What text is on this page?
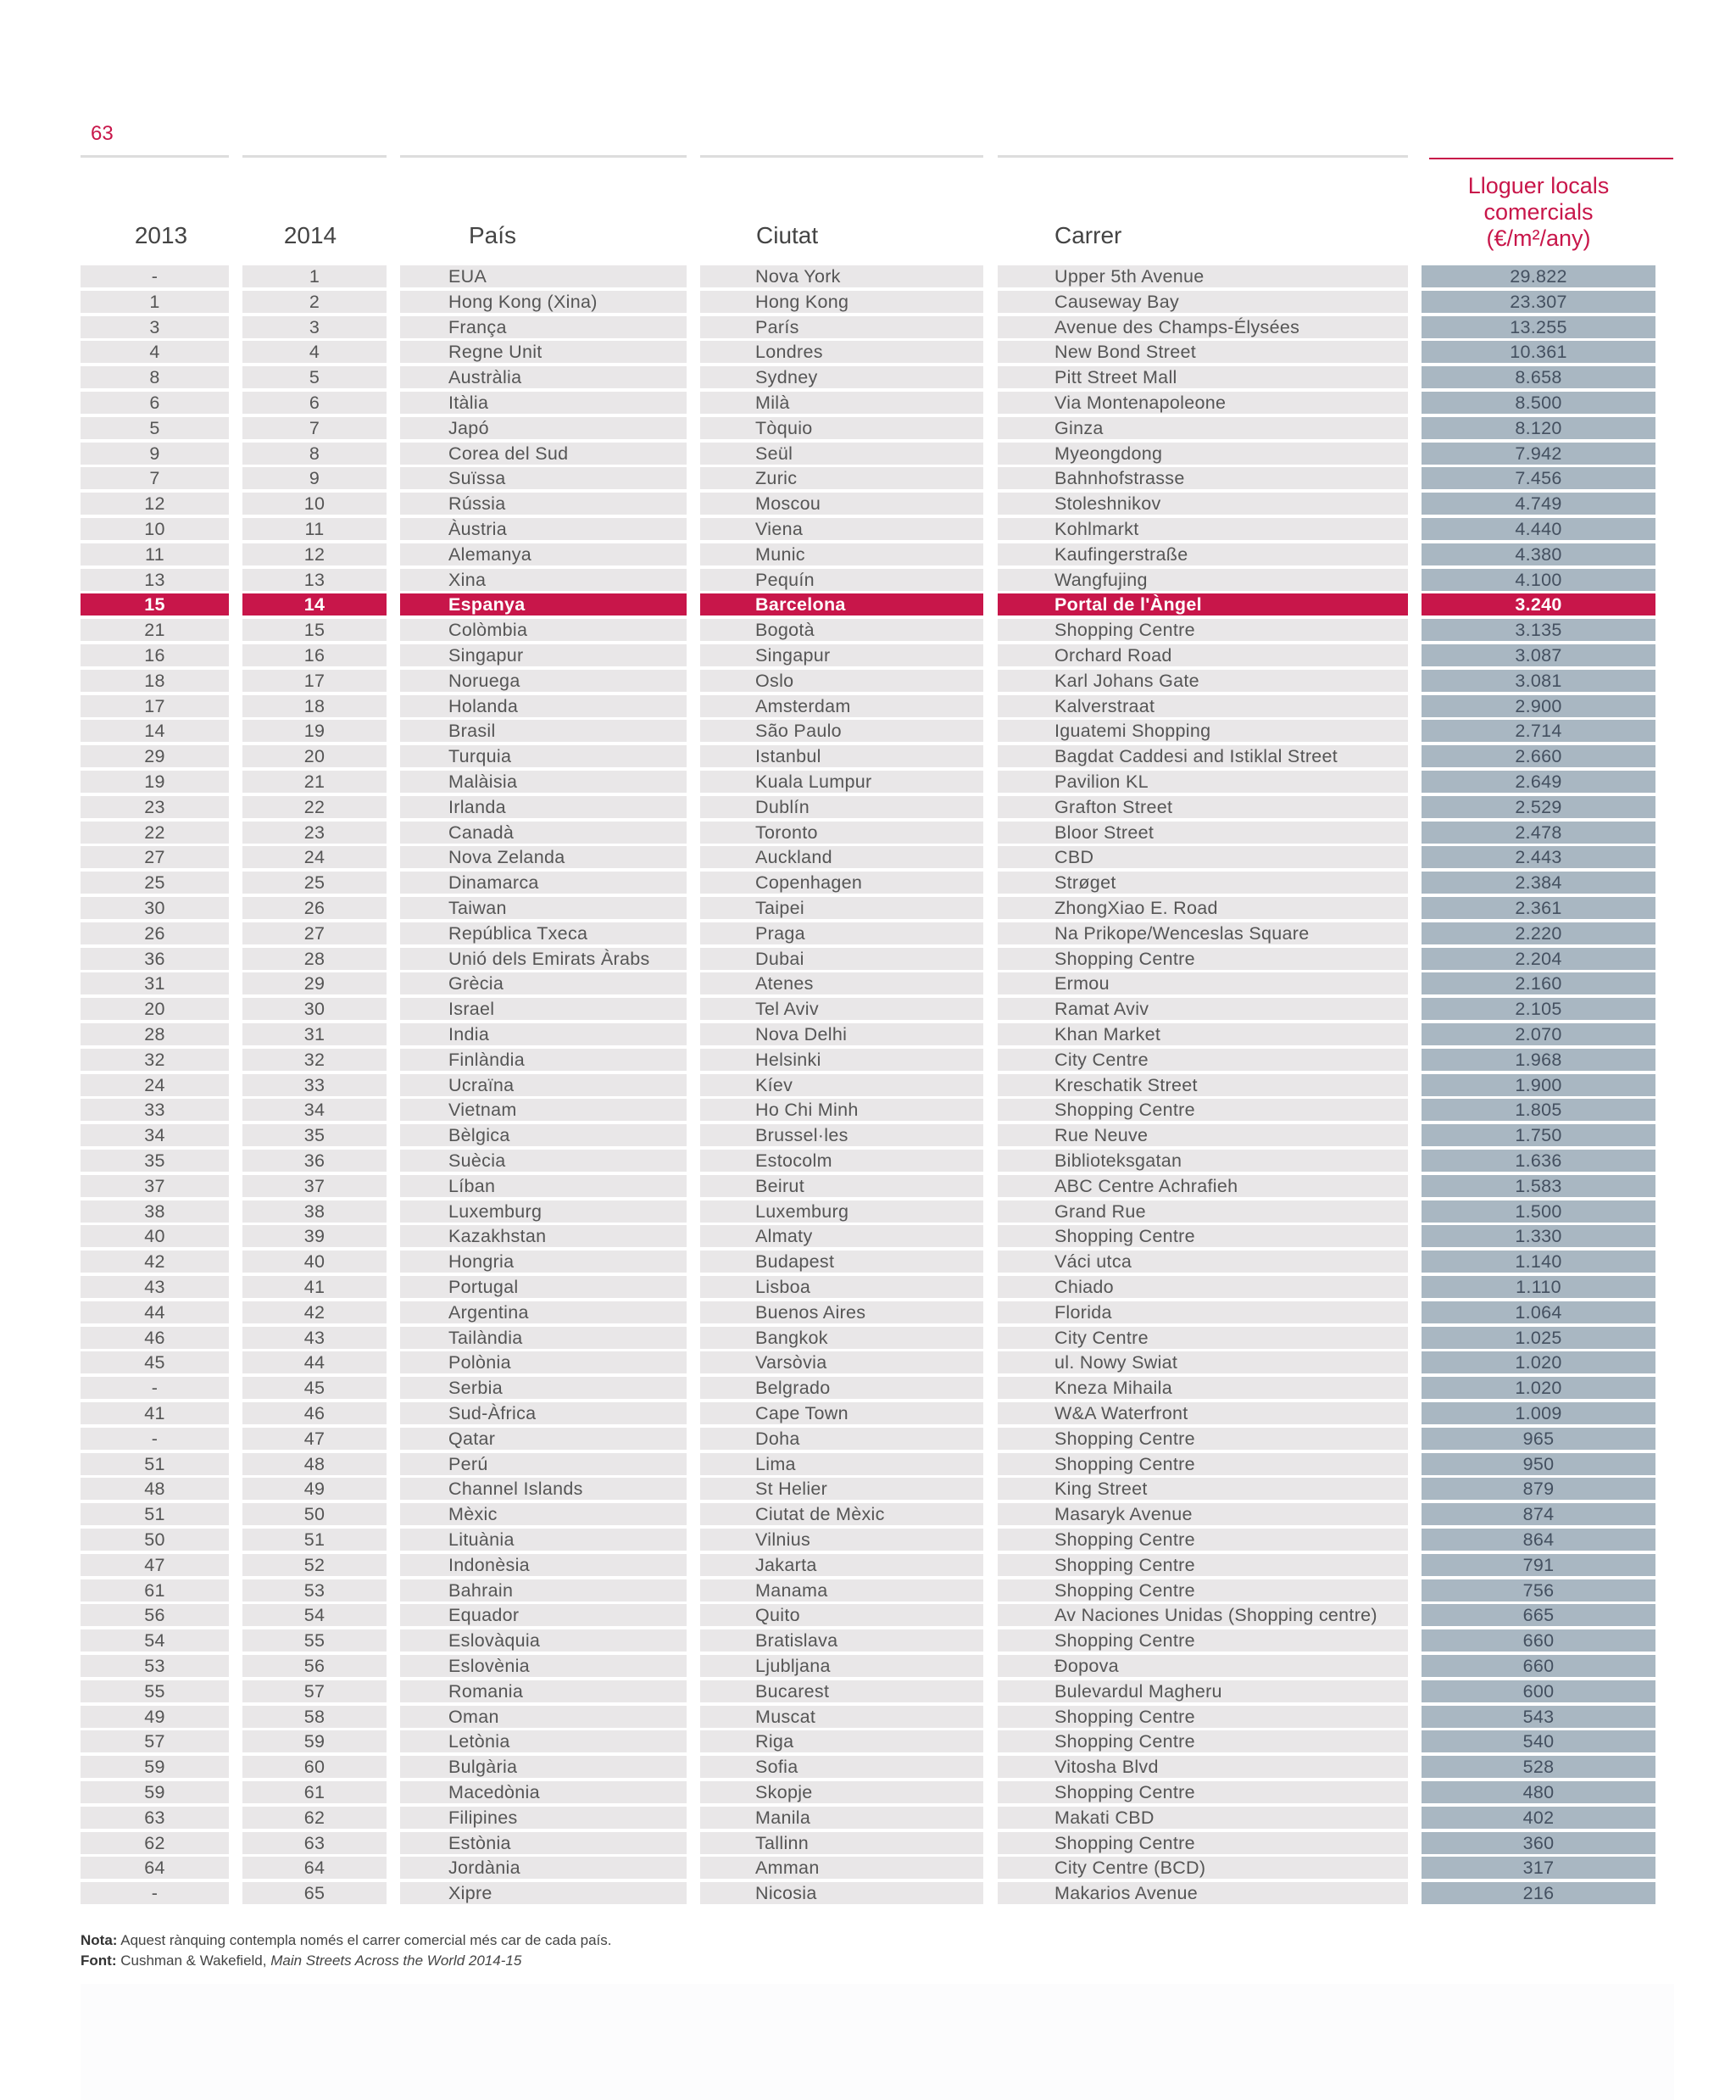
63
2013	2014	País	Ciutat	Carrer
Lloguer locals
comercials
(€/m²/any)
-	1	EUA	Nova York	Upper 5th Avenue	29.822
1	2	Hong Kong (Xina)	Hong Kong	Causeway Bay	23.307
3	3	França	París	Avenue des Champs-Élysées	13.255
4	4	Regne Unit	Londres	New Bond Street	10.361
8	5	Austràlia	Sydney	Pitt Street Mall	8.658
6	6	Itàlia	Milà	Via Montenapoleone	8.500
5	7	Japó	Tòquio	Ginza	8.120
9	8	Corea del Sud	Seül	Myeongdong	7.942
7	9	Suïssa	Zuric	Bahnhofstrasse	7.456
12	10	Rússia	Moscou	Stoleshnikov	4.749
10	11	Àustria	Viena	Kohlmarkt	4.440
11	12	Alemanya	Munic	Kaufingerstraße	4.380
13	13	Xina	Pequín	Wangfujing	4.100
15	14	Espanya	Barcelona	Portal de l'Àngel	3.240
21	15	Colòmbia	Bogotà	Shopping Centre	3.135
16	16	Singapur	Singapur	Orchard Road	3.087
18	17	Noruega	Oslo	Karl Johans Gate	3.081
17	18	Holanda	Amsterdam	Kalverstraat	2.900
14	19	Brasil	São Paulo	Iguatemi Shopping	2.714
29	20	Turquia	Istanbul	Bagdat Caddesi and Istiklal Street	2.660
19	21	Malàisia	Kuala Lumpur	Pavilion KL	2.649
23	22	Irlanda	Dublín	Grafton Street	2.529
22	23	Canadà	Toronto	Bloor Street	2.478
27	24	Nova Zelanda	Auckland	CBD	2.443
25	25	Dinamarca	Copenhagen	Strøget	2.384
30	26	Taiwan	Taipei	ZhongXiao E. Road	2.361
26	27	República Txeca	Praga	Na Prikope/Wenceslas Square	2.220
36	28	Unió dels Emirats Àrabs	Dubai	Shopping Centre	2.204
31	29	Grècia	Atenes	Ermou	2.160
20	30	Israel	Tel Aviv	Ramat Aviv	2.105
28	31	India	Nova Delhi	Khan Market	2.070
32	32	Finlàndia	Helsinki	City Centre	1.968
24	33	Ucraïna	Kíev	Kreschatik Street	1.900
33	34	Vietnam	Ho Chi Minh	Shopping Centre	1.805
34	35	Bèlgica	Brussel·les	Rue Neuve	1.750
35	36	Suècia	Estocolm	Biblioteksgatan	1.636
37	37	Líban	Beirut	ABC Centre Achrafieh	1.583
38	38	Luxemburg	Luxemburg	Grand Rue	1.500
40	39	Kazakhstan	Almaty	Shopping Centre	1.330
42	40	Hongria	Budapest	Váci utca	1.140
43	41	Portugal	Lisboa	Chiado	1.110
44	42	Argentina	Buenos Aires	Florida	1.064
46	43	Tailàndia	Bangkok	City Centre	1.025
45	44	Polònia	Varsòvia	ul. Nowy Swiat	1.020
-	45	Serbia	Belgrado	Kneza Mihaila	1.020
41	46	Sud-Àfrica	Cape Town	W&A Waterfront	1.009
-	47	Qatar	Doha	Shopping Centre	965
51	48	Perú	Lima	Shopping Centre	950
48	49	Channel Islands	St Helier	King Street	879
51	50	Mèxic	Ciutat de Mèxic	Masaryk Avenue	874
50	51	Lituània	Vilnius	Shopping Centre	864
47	52	Indonèsia	Jakarta	Shopping Centre	791
61	53	Bahrain	Manama	Shopping Centre	756
56	54	Equador	Quito	Av Naciones Unidas (Shopping centre)	665
54	55	Eslovàquia	Bratislava	Shopping Centre	660
53	56	Eslovènia	Ljubljana	Ðopova	660
55	57	Romania	Bucarest	Bulevardul Magheru	600
49	58	Oman	Muscat	Shopping Centre	543
57	59	Letònia	Riga	Shopping Centre	540
59	60	Bulgària	Sofia	Vitosha Blvd	528
59	61	Macedònia	Skopje	Shopping Centre	480
63	62	Filipines	Manila	Makati CBD	402
62	63	Estònia	Tallinn	Shopping Centre	360
64	64	Jordània	Amman	City Centre (BCD)	317
-	65	Xipre	Nicosia	Makarios Avenue	216
Nota: Aquest rànquing contempla només el carrer comercial més car de cada país.
Font: Cushman & Wakefield, Main Streets Across the World 2014-15
